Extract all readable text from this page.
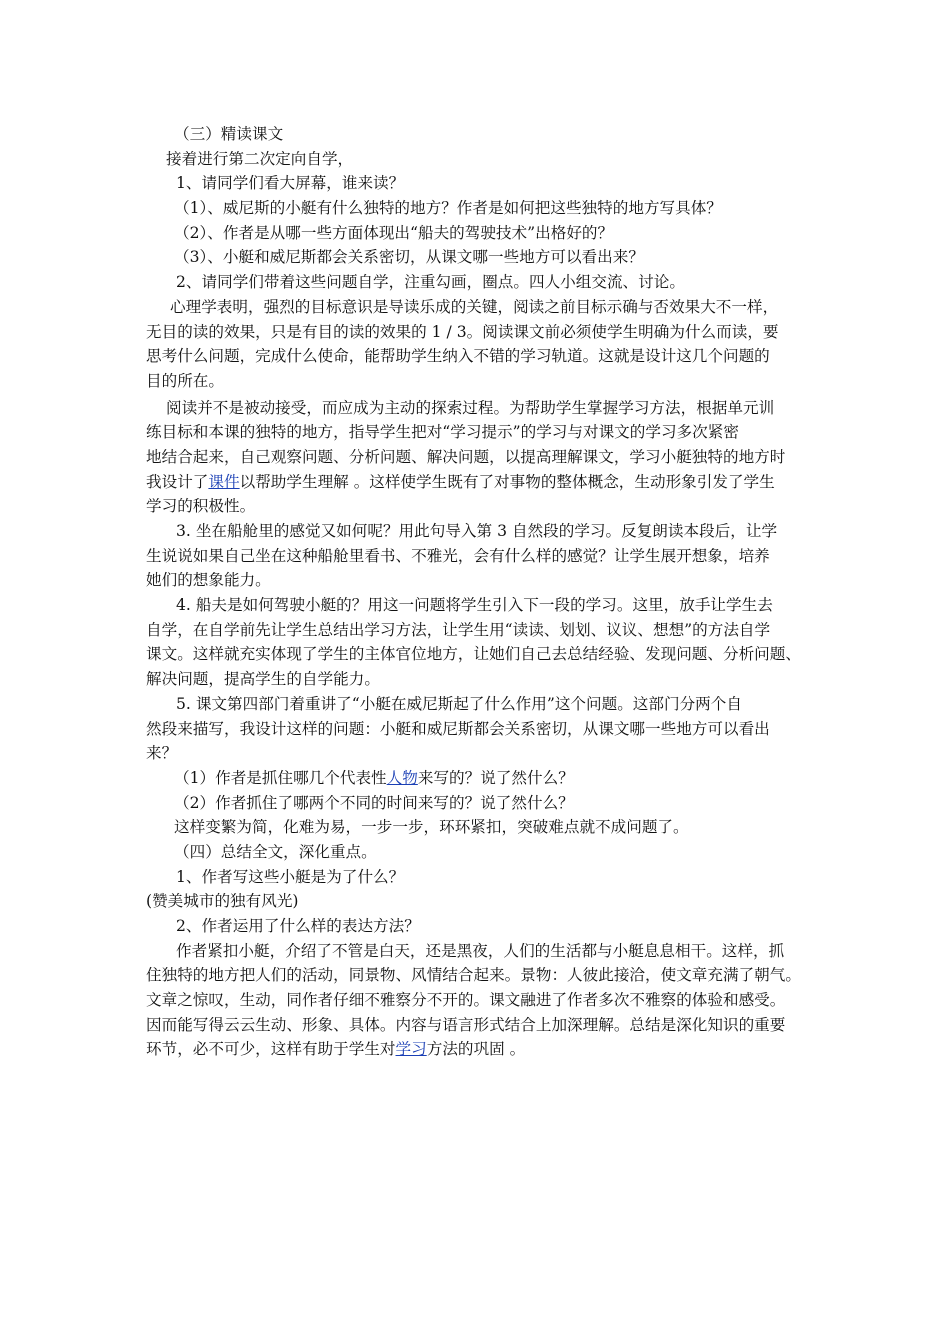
（三）精读课文
接着进行第二次定向自学，
1、请同学们看大屏幕，谁来读？
（1）、威尼斯的小艇有什么独特的地方？作者是如何把这些独特的地方写具体？
（2）、作者是从哪一些方面体现出“船夫的驾驶技术”出格好的？
（3）、小艇和威尼斯都会关系密切，从课文哪一些地方可以看出来？
2、请同学们带着这些问题自学，注重勾画，圈点。四人小组交流、讨论。
心理学表明，强烈的目标意识是导读乐成的关键，阅读之前目标示确与否效果大不一样，
无目的读的效果，只是有目的读的效果的 1 / 3。阅读课文前必须使学生明确为什么而读，要
思考什么问题，完成什么使命，能帮助学生纳入不错的学习轨道。这就是设计这几个问题的
目的所在。
阅读并不是被动接受，而应成为主动的探索过程。为帮助学生掌握学习方法，根据单元训
练目标和本课的独特的地方，指导学生把对“学习提示”的学习与对课文的学习多次紧密
地结合起来，自己观察问题、分析问题、解决问题，以提高理解课文，学习小艇独特的地方时
我设计了课件以帮助学生理解 。这样使学生既有了对事物的整体概念，生动形象引发了学生
学习的积极性。
3. 坐在船舱里的感觉又如何呢？用此句导入第 3 自然段的学习。反复朗读本段后，让学
生说说如果自己坐在这种船舱里看书、不雅光，会有什么样的感觉？让学生展开想象，培养
她们的想象能力。
4. 船夫是如何驾驶小艇的？用这一问题将学生引入下一段的学习。这里，放手让学生去
自学，在自学前先让学生总结出学习方法，让学生用“读读、划划、议议、想想”的方法自学
课文。这样就充实体现了学生的主体官位地方，让她们自己去总结经验、发现问题、分析问题、
解决问题，提高学生的自学能力。
5. 课文第四部门着重讲了“小艇在威尼斯起了什么作用”这个问题。这部门分两个自
然段来描写，我设计这样的问题：小艇和威尼斯都会关系密切，从课文哪一些地方可以看出
来？
（1）作者是抓住哪几个代表性人物来写的？说了然什么？
（2）作者抓住了哪两个不同的时间来写的？说了然什么？
这样变繁为简，化难为易，一步一步，环环紧扣，突破难点就不成问题了。
（四）总结全文，深化重点。
1、作者写这些小艇是为了什么？
(赞美城市的独有风光)
2、作者运用了什么样的表达方法？
作者紧扣小艇，介绍了不管是白天，还是黑夜，人们的生活都与小艇息息相干。这样，抓
住独特的地方把人们的活动，同景物、风情结合起来。景物：人彼此接洽，使文章充满了朝气。
文章之惊叹，生动，同作者仔细不雅察分不开的。课文融进了作者多次不雅察的体验和感受。
因而能写得云云生动、形象、具体。内容与语言形式结合上加深理解。总结是深化知识的重要
环节，必不可少，这样有助于学生对学习方法的巩固 。
